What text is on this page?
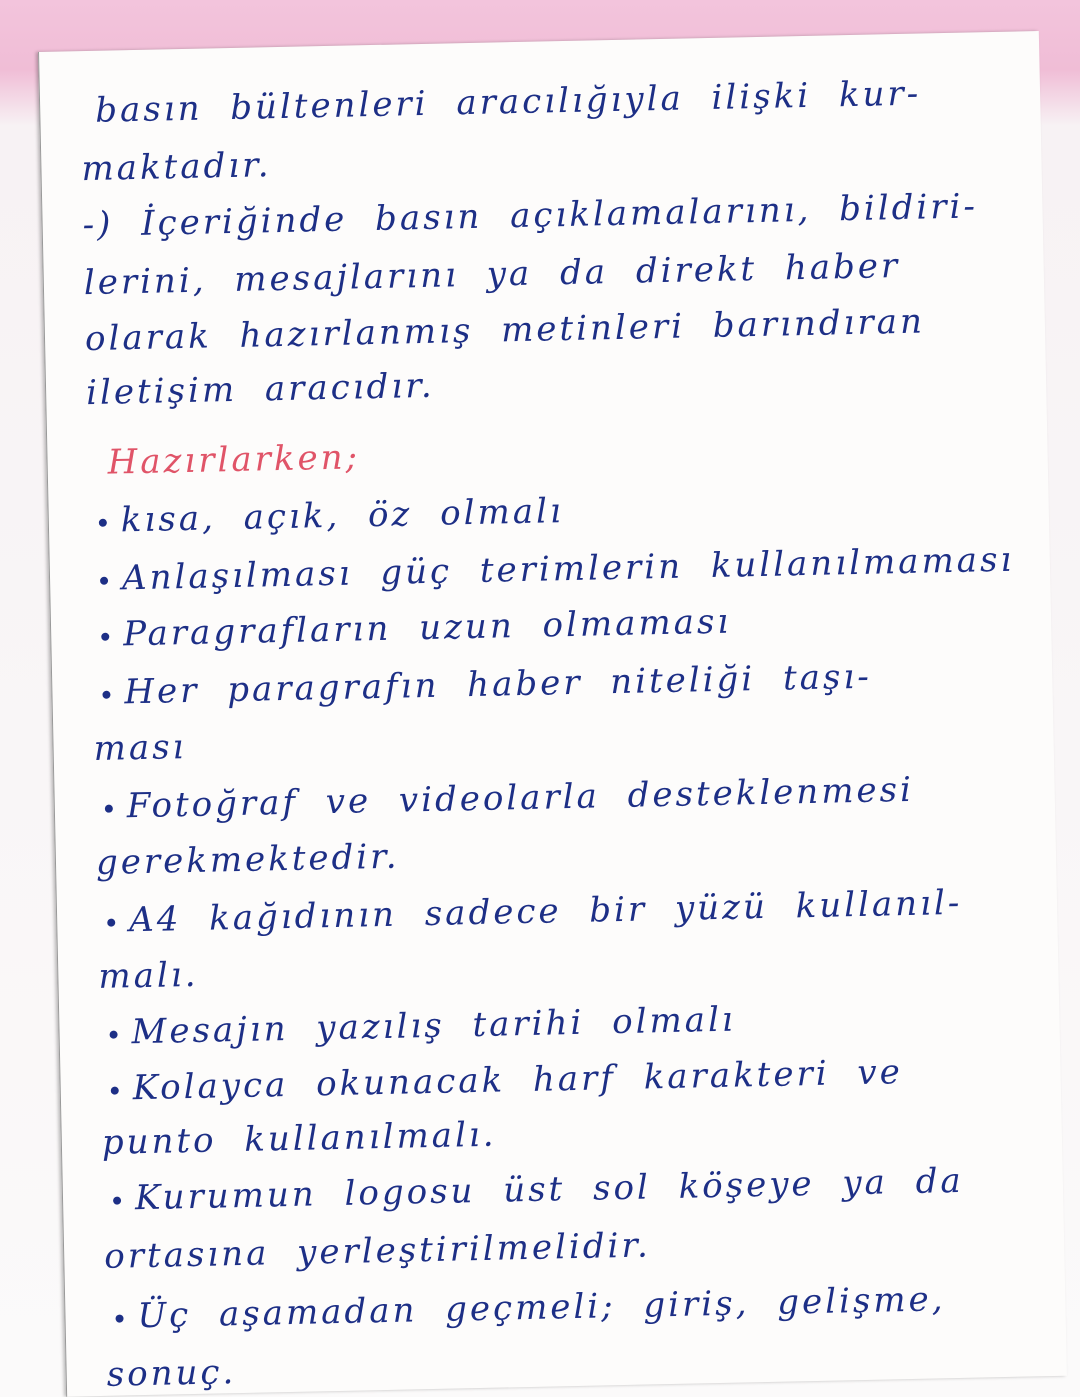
basın bültenleri aracılığıyla ilişki kur-
maktadır.
-) İçeriğinde basın açıklamalarını, bildiri-
lerini, mesajlarını ya da direkt haber
olarak hazırlanmış metinleri barındıran
iletişim aracıdır.
Hazırlarken;
kısa, açık, öz olmalı
Anlaşılması güç terimlerin kullanılmaması
Paragrafların uzun olmaması
Her paragrafın haber niteliği taşı-
ması
Fotoğraf ve videolarla desteklenmesi
gerekmektedir.
A4 kağıdının sadece bir yüzü kullanıl-
malı.
Mesajın yazılış tarihi olmalı
Kolayca okunacak harf karakteri ve
punto kullanılmalı.
Kurumun logosu üst sol köşeye ya da
ortasına yerleştirilmelidir.
Üç aşamadan geçmeli; giriş, gelişme,
sonuç.
